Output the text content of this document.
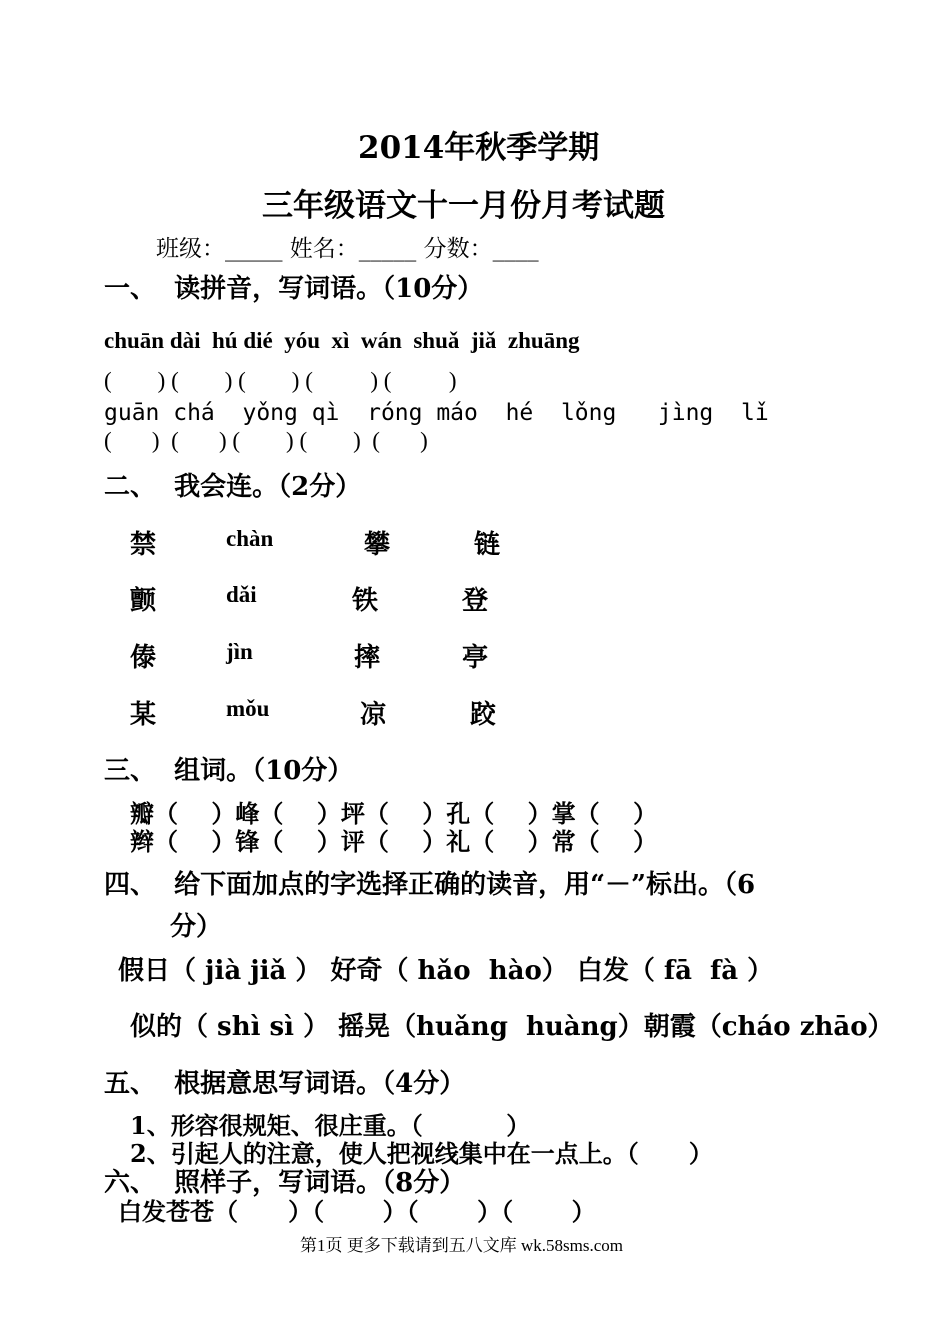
2014年秋季学期
三年级语文十一月份月考试题
班级：_____ 姓名：_____ 分数：____
一、  读拼音，写词语。（10分）
chuān dài  hú dié  yóu  xì  wán  shuǎ  jiǎ  zhuāng
(        ) (        ) (        ) (          ) (          )
guān chá  yǒng qì  róng máo  hé  lǒng   jìng  lǐ
(       )  (       ) (        ) (        )  (       )
二、  我会连。（2分）
禁	chàn	攀	链
颤	dǎi	铁	登
傣	jìn	摔	亭
某	mǒu	凉	跤
三、  组词。（10分）
瓣（    ）峰（    ）坪（    ）孔（    ）掌（    ）
辫（    ）锋（    ）评（    ）礼（    ）常（    ）
四、  给下面加点的字选择正确的读音，用“－”标出。（6
分）
假日（ jià jiǎ ） 好奇（ hǎo  hào） 白发（ fā  fà ）
似的（ shì sì ） 摇晃（huǎng  huàng）朝霞（cháo zhāo）
五、  根据意思写词语。（4分）
1、形容很规矩、很庄重。（          ）
2、引起人的注意，使人把视线集中在一点上。（      ）
六、  照样子，写词语。（8分）
白发苍苍（      ）（       ）（       ）（       ）
第1页 更多下载请到五八文库 wk.58sms.com
